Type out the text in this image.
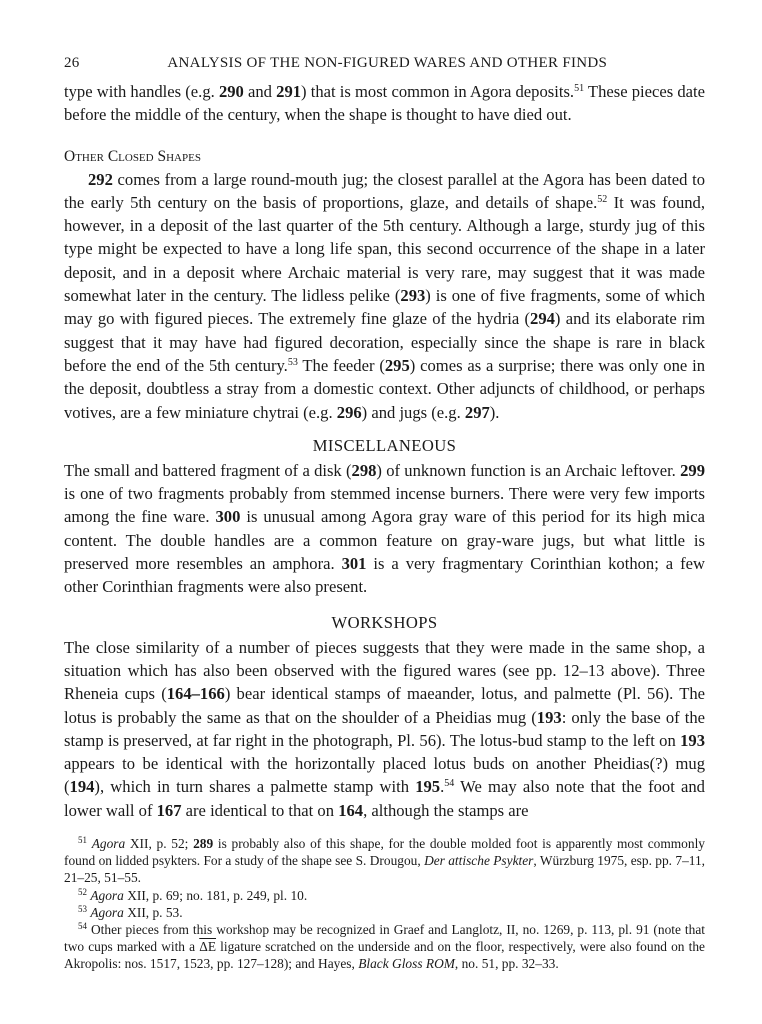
26	ANALYSIS OF THE NON-FIGURED WARES AND OTHER FINDS

type with handles (e.g. 290 and 291) that is most common in Agora deposits.$^{51}$ These pieces date before the middle of the century, when the shape is thought to have died out.

Other Closed Shapes

292 comes from a large round-mouth jug; the closest parallel at the Agora has been dated to the early 5th century on the basis of proportions, glaze, and details of shape.$^{52}$ It was found, however, in a deposit of the last quarter of the 5th century. Although a large, sturdy jug of this type might be expected to have a long life span, this second occurrence of the shape in a later deposit, and in a deposit where Archaic material is very rare, may suggest that it was made somewhat later in the century. The lidless pelike (293) is one of five fragments, some of which may go with figured pieces. The extremely fine glaze of the hydria (294) and its elaborate rim suggest that it may have had figured decoration, especially since the shape is rare in black before the end of the 5th century.$^{53}$ The feeder (295) comes as a surprise; there was only one in the deposit, doubtless a stray from a domestic context. Other adjuncts of childhood, or perhaps votives, are a few miniature chytrai (e.g. 296) and jugs (e.g. 297).

MISCELLANEOUS

The small and battered fragment of a disk (298) of unknown function is an Archaic leftover. 299 is one of two fragments probably from stemmed incense burners. There were very few imports among the fine ware. 300 is unusual among Agora gray ware of this period for its high mica content. The double handles are a common feature on gray-ware jugs, but what little is preserved more resembles an amphora. 301 is a very fragmentary Corinthian kothon; a few other Corinthian fragments were also present.

WORKSHOPS

The close similarity of a number of pieces suggests that they were made in the same shop, a situation which has also been observed with the figured wares (see pp. 12–13 above). Three Rheneia cups (164–166) bear identical stamps of maeander, lotus, and palmette (Pl. 56). The lotus is probably the same as that on the shoulder of a Pheidias mug (193: only the base of the stamp is preserved, at far right in the photograph, Pl. 56). The lotus-bud stamp to the left on 193 appears to be identical with the horizontally placed lotus buds on another Pheidias(?) mug (194), which in turn shares a palmette stamp with 195.54 We may also note that the foot and lower wall of 167 are identical to that on 164, although the stamps are

$^{51}$ Agora XII, p. 52; 289 is probably also of this shape, for the double molded foot is apparently most commonly found on lidded psykters. For a study of the shape see S. Drougou, Der attische Psykter, Würzburg 1975, esp. pp. 7–11, 21–25, 51–55.

$^{52}$ Agora XII, p. 69; no. 181, p. 249, pl. 10.

$^{53}$ Agora XII, p. 53.

$^{54}$ Other pieces from this workshop may be recognized in Graef and Langlotz, II, no. 1269, p. 113, pl. 91 (note that two cups marked with a $\overline{\Delta E}$ ligature scratched on the underside and on the floor, respectively, were also found on the Akropolis: nos. 1517, 1523, pp. 127–128); and Hayes, Black Gloss ROM, no. 51, pp. 32–33.
